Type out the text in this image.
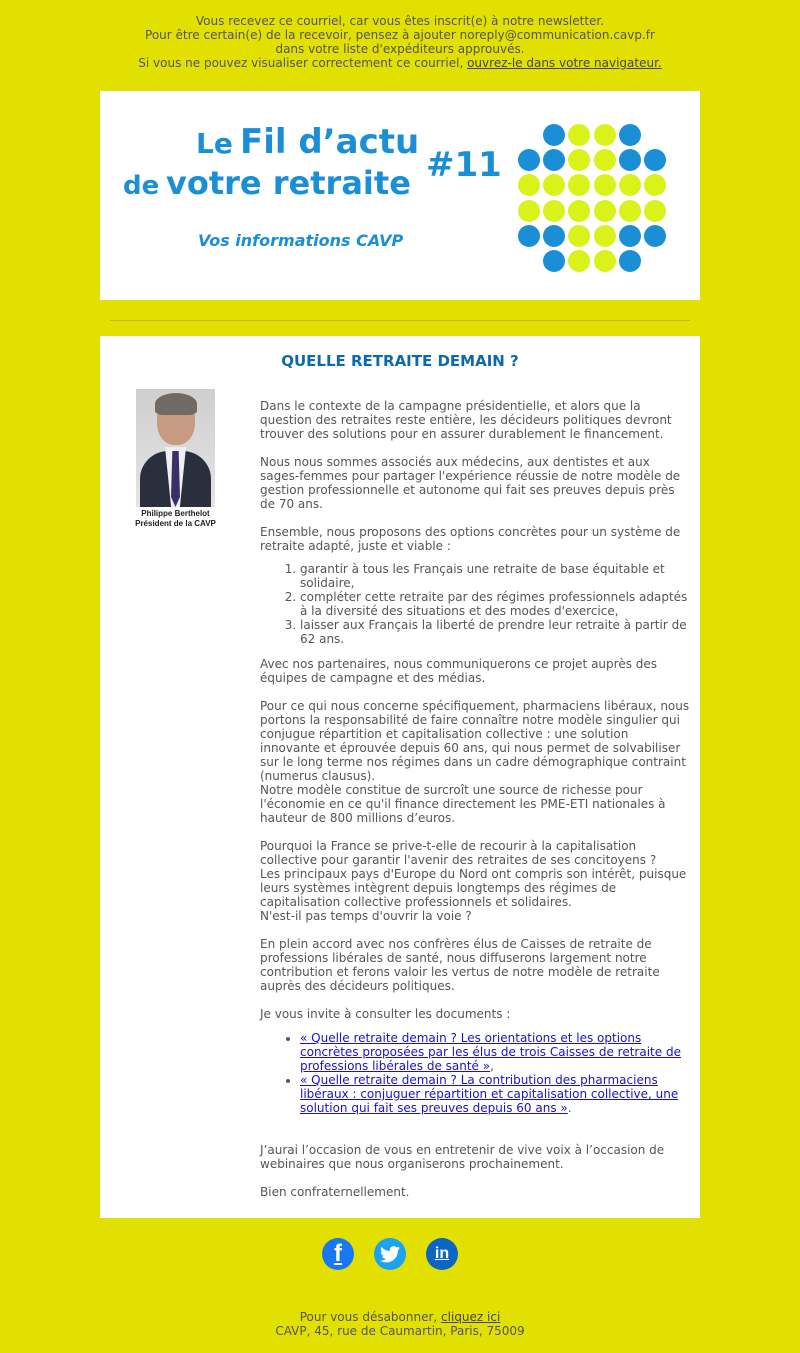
Vous recevez ce courriel, car vous êtes inscrit(e) à notre newsletter.
Pour être certain(e) de la recevoir, pensez à ajouter noreply@communication.cavp.fr
dans votre liste d'expéditeurs approuvés.
Si vous ne pouvez visualiser correctement ce courriel, ouvrez-le dans votre navigateur.
Le Fil d’actu
de votre retraite #11
Vos informations CAVP
QUELLE RETRAITE DEMAIN ?
Philippe Berthelot
Président de la CAVP

Dans le contexte de la campagne présidentielle, et alors que la question des retraites reste entière, les décideurs politiques devront trouver des solutions pour en assurer durablement le financement.

Nous nous sommes associés aux médecins, aux dentistes et aux sages-femmes pour partager l'expérience réussie de notre modèle de gestion professionnelle et autonome qui fait ses preuves depuis près de 70 ans.

Ensemble, nous proposons des options concrètes pour un système de retraite adapté, juste et viable :

1. garantir à tous les Français une retraite de base équitable et solidaire,
2. compléter cette retraite par des régimes professionnels adaptés à la diversité des situations et des modes d'exercice,
3. laisser aux Français la liberté de prendre leur retraite à partir de 62 ans.

Avec nos partenaires, nous communiquerons ce projet auprès des équipes de campagne et des médias.

Pour ce qui nous concerne spécifiquement, pharmaciens libéraux, nous portons la responsabilité de faire connaître notre modèle singulier qui conjugue répartition et capitalisation collective : une solution innovante et éprouvée depuis 60 ans, qui nous permet de solvabiliser sur le long terme nos régimes dans un cadre démographique contraint (numerus clausus).

Notre modèle constitue de surcroît une source de richesse pour l'économie en ce qu'il finance directement les PME-ETI nationales à hauteur de 800 millions d’euros.

Pourquoi la France se prive-t-elle de recourir à la capitalisation collective pour garantir l'avenir des retraites de ses concitoyens ?

Les principaux pays d'Europe du Nord ont compris son intérêt, puisque leurs systèmes intègrent depuis longtemps des régimes de capitalisation collective professionnels et solidaires.

N'est-il pas temps d'ouvrir la voie ?

En plein accord avec nos confrères élus de Caisses de retraite de professions libérales de santé, nous diffuserons largement notre contribution et ferons valoir les vertus de notre modèle de retraite auprès des décideurs politiques.

Je vous invite à consulter les documents :

• « Quelle retraite demain ? Les orientations et les options concrètes proposées par les élus de trois Caisses de retraite de professions libérales de santé »,
• « Quelle retraite demain ? La contribution des pharmaciens libéraux : conjuguer répartition et capitalisation collective, une solution qui fait ses preuves depuis 60 ans ».

J’aurai l’occasion de vous en entretenir de vive voix à l’occasion de webinaires que nous organiserons prochainement.

Bien confraternellement.

f	in
Pour vous désabonner, cliquez ici
CAVP, 45, rue de Caumartin, Paris, 75009
